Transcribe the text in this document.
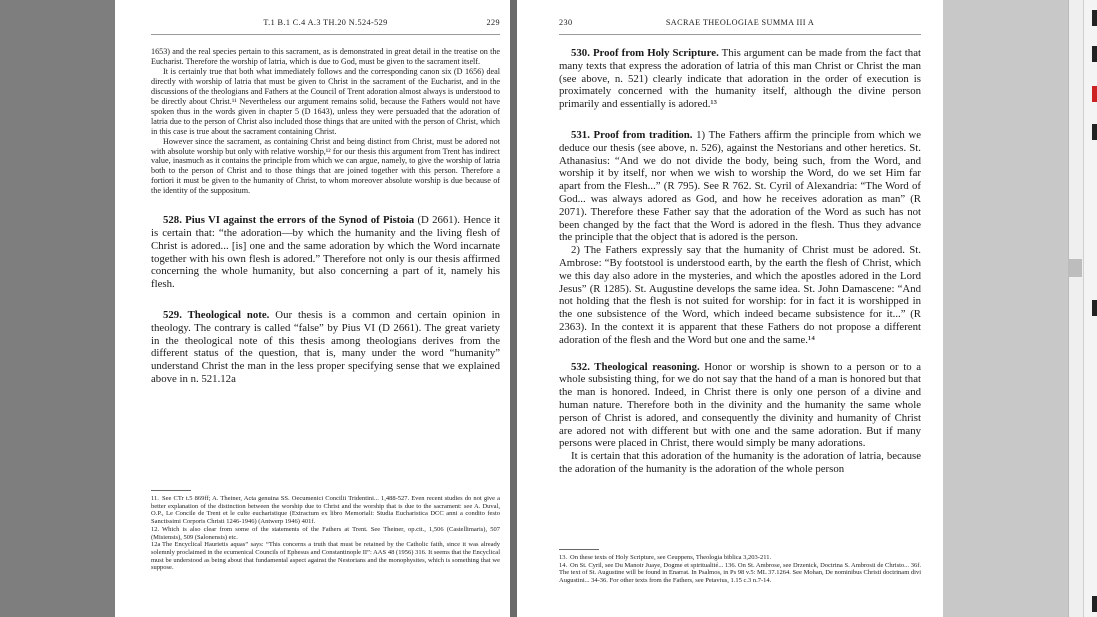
T.1 B.1 C.4 A.3 TH.20 N.524-529	229

1653) and the real species pertain to this sacrament, as is demonstrated in great detail in the treatise on the Eucharist. Therefore the worship of latria, which is due to God, must be given to the sacrament itself.

It is certainly true that both what immediately follows and the corresponding canon six (D 1656) deal directly with worship of latria that must be given to Christ in the sacrament of the Eucharist, and in the discussions of the theologians and Fathers at the Council of Trent adoration almost always is understood to be directly about Christ.¹¹ Nevertheless our argument remains solid, because the Fathers would not have spoken thus in the words given in chapter 5 (D 1643), unless they were persuaded that the adoration of latria due to the person of Christ also included those things that are united with the person of Christ, which in this case is true about the sacrament containing Christ.

However since the sacrament, as containing Christ and being distinct from Christ, must be adored not with absolute worship but only with relative worship,¹² for our thesis this argument from Trent has indirect value, inasmuch as it contains the principle from which we can argue, namely, to give the worship of latria both to the person of Christ and to those things that are joined together with this person. Therefore a fortiori it must be given to the humanity of Christ, to whom moreover absolute worship is due because of the identity of the suppositum.

528. Pius VI against the errors of the Synod of Pistoia (D 2661). Hence it is certain that: “the adoration—by which the humanity and the living flesh of Christ is adored... [is] one and the same adoration by which the Word incarnate together with his own flesh is adored.” Therefore not only is our thesis affirmed concerning the whole humanity, but also concerning a part of it, namely his flesh.

529. Theological note. Our thesis is a common and certain opinion in theology. The contrary is called “false” by Pius VI (D 2661). The great variety in the theological note of this thesis among theologians derives from the different status of the question, that is, many under the word “humanity” understand Christ the man in the less proper specifying sense that we explained above in n. 521.12a

11. See CTr t.5 869ff; A. Theiner, Acta genuina SS. Oecumenici Concilii Tridentini... 1,488-527. Even recent studies do not give a better explanation of the distinction between the worship due to Christ and the worship that is due to the sacrament: see A. Duval, O.P., Le Concile de Trent et le culte eucharistique (Extractum ex libro Memoriali: Studia Eucharistica DCC anni a condito festo Sanctissimi Corporis Christi 1246-1946) (Antwerp 1946) 401f.

12. Which is also clear from some of the statements of the Fathers at Trent. See Theiner, op.cit., 1,506 (Castellimaris), 507 (Misiensis), 509 (Salonensis) etc.

12a The Encyclical Haurietis aquas” says: “This concerns a truth that must be retained by the Catholic faith, since it was already solemnly proclaimed in the ecumenical Councils of Ephesus and Constantinople II”: AAS 48 (1956) 316. It seems that the Encyclical must be understood as being about that fundamental aspect against the Nestorians and the monophysites, which is something that we suppose.

230	SACRAE THEOLOGIAE SUMMA III A

530. Proof from Holy Scripture. This argument can be made from the fact that many texts that express the adoration of latria of this man Christ or Christ the man (see above, n. 521) clearly indicate that adoration in the order of execution is proximately concerned with the humanity itself, although the divine person primarily and essentially is adored.¹³

531. Proof from tradition. 1) The Fathers affirm the principle from which we deduce our thesis (see above, n. 526), against the Nestorians and other heretics. St. Athanasius: “And we do not divide the body, being such, from the Word, and worship it by itself, nor when we wish to worship the Word, do we set Him far apart from the Flesh...” (R 795). See R 762. St. Cyril of Alexandria: “The Word of God... was always adored as God, and how he receives adoration as man” (R 2071). Therefore these Father say that the adoration of the Word as such has not been changed by the fact that the Word is adored in the flesh. Thus they advance the principle that the object that is adored is the person.

2) The Fathers expressly say that the humanity of Christ must be adored. St. Ambrose: “By footstool is understood earth, by the earth the flesh of Christ, which we this day also adore in the mysteries, and which the apostles adored in the Lord Jesus” (R 1285). St. Augustine develops the same idea. St. John Damascene: “And not holding that the flesh is not suited for worship: for in fact it is worshipped in the one subsistence of the Word, which indeed became subsistence for it...” (R 2363). In the context it is apparent that these Fathers do not propose a different adoration of the flesh and the Word but one and the same.¹⁴

532. Theological reasoning. Honor or worship is shown to a person or to a whole subsisting thing, for we do not say that the hand of a man is honored but that the man is honored. Indeed, in Christ there is only one person of a divine and human nature. Therefore both in the divinity and the humanity the same whole person of Christ is adored, and consequently the divinity and humanity of Christ are adored not with different but with one and the same adoration. But if many persons were placed in Christ, there would simply be many adorations.

It is certain that this adoration of the humanity is the adoration of latria, because the adoration of the humanity is the adoration of the whole person

13. On these texts of Holy Scripture, see Ceuppens, Theologia biblica 3,203-211.

14. On St. Cyril, see Du Manoir Juaye, Dogme et spiritualité... 136. On St. Ambrose, see Drzenick, Doctrina S. Ambrosii de Christo... 36f. The text of St. Augustine will be found in Enarrat. In Psalmos, in Ps 98 v.5: ML 37.1264. See Mohan, De nominibus Christi doctrinam divi Augustini... 34-36. For other texts from the Fathers, see Petavius, 1.15 c.3 n.7-14.
